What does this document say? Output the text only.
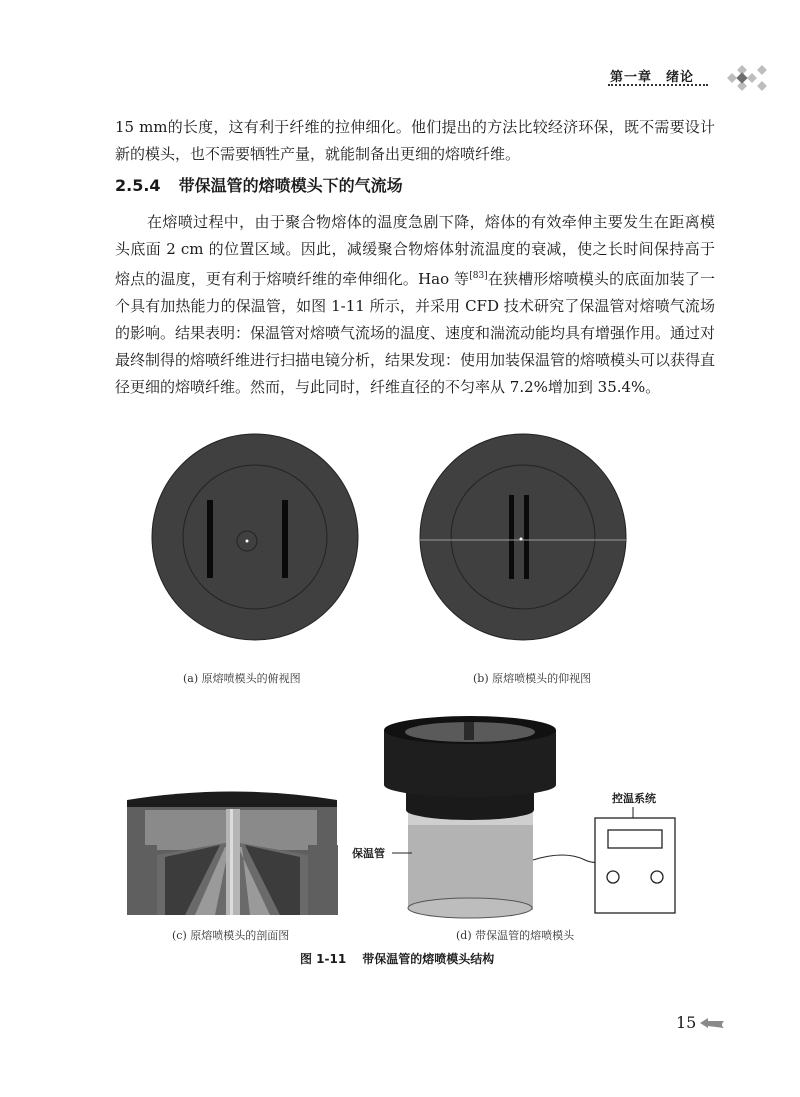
第一章　绪论

15 mm的长度，这有利于纤维的拉伸细化。他们提出的方法比较经济环保，既不需要设计新的模头，也不需要牺牲产量，就能制备出更细的熔喷纤维。

2.5.4 带保温管的熔喷模头下的气流场

在熔喷过程中，由于聚合物熔体的温度急剧下降，熔体的有效牵伸主要发生在距离模头底面 2 cm 的位置区域。因此，减缓聚合物熔体射流温度的衰减，使之长时间保持高于熔点的温度，更有利于熔喷纤维的牵伸细化。Hao 等[83]在狭槽形熔喷模头的底面加装了一个具有加热能力的保温管，如图 1-11 所示，并采用 CFD 技术研究了保温管对熔喷气流场的影响。结果表明：保温管对熔喷气流场的温度、速度和湍流动能均具有增强作用。通过对最终制得的熔喷纤维进行扫描电镜分析，结果发现：使用加装保温管的熔喷模头可以获得直径更细的熔喷纤维。然而，与此同时，纤维直径的不匀率从 7.2%增加到 35.4%。

(a) 原熔喷模头的俯视图	(b) 原熔喷模头的仰视图
(c) 原熔喷模头的剖面图
保温管
控温系统
(d) 带保温管的熔喷模头
图 1-11 带保温管的熔喷模头结构
15
